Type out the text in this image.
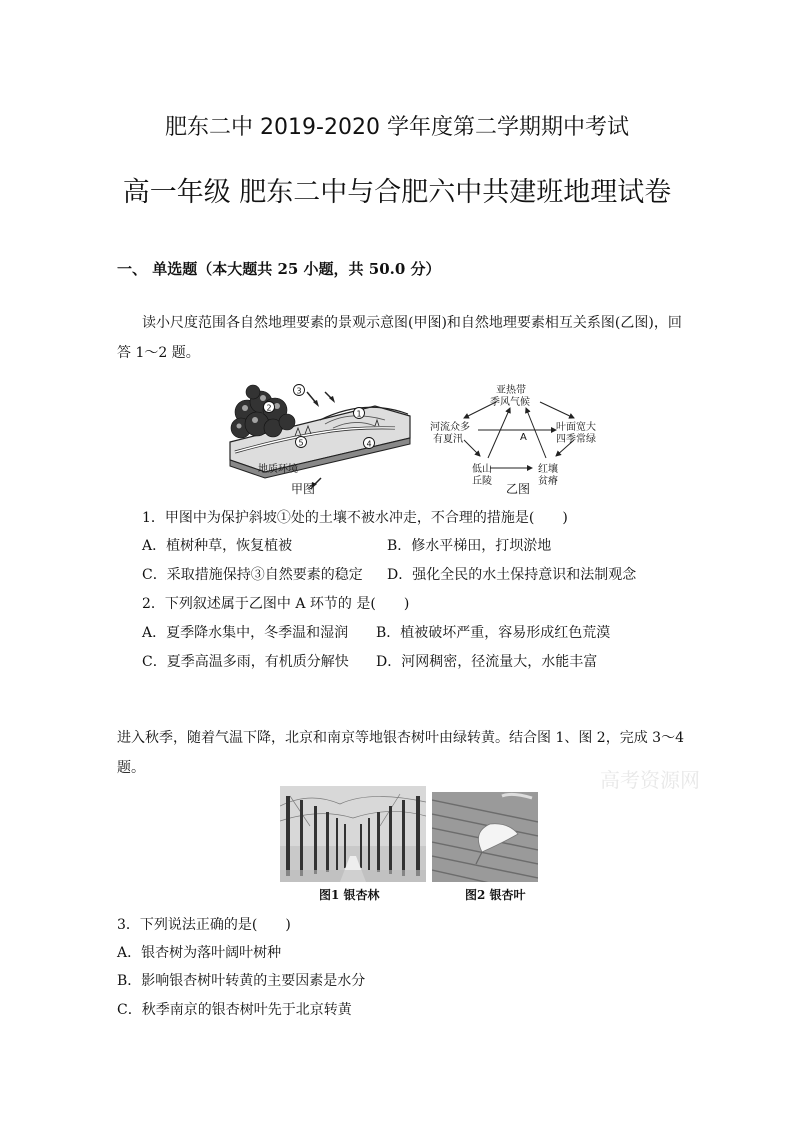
肥东二中 2019-2020 学年度第二学期期中考试
高一年级 肥东二中与合肥六中共建班地理试卷
一、 单选题（本大题共 25 小题，共 50.0 分）
读小尺度范围各自然地理要素的景观示意图(甲图)和自然地理要素相互关系图(乙图)，回
答 1～2 题。
3
2
1
5	4
地质环境
甲图
亚热带
季风气候
河流众多
有夏汛
叶面宽大
四季常绿
低山
丘陵
红壤
贫瘠
A
乙图
1．甲图中为保护斜坡①处的土壤不被水冲走，不合理的措施是(　　)
A．植树种草，恢复植被	B．修水平梯田，打坝淤地
C．采取措施保持③自然要素的稳定 D．强化全民的水土保持意识和法制观念
2．下列叙述属于乙图中 A 环节的 是(　　)
A．夏季降水集中，冬季温和湿润 B．植被破坏严重，容易形成红色荒漠
C．夏季高温多雨，有机质分解快 D．河网稠密，径流量大，水能丰富
进入秋季，随着气温下降，北京和南京等地银杏树叶由绿转黄。结合图 1、图 2，完成 3～4
题。	高考资源网
图1 银杏林	图2 银杏叶
3．下列说法正确的是(　　)
A．银杏树为落叶阔叶树种
B．影响银杏树叶转黄的主要因素是水分
C．秋季南京的银杏树叶先于北京转黄
